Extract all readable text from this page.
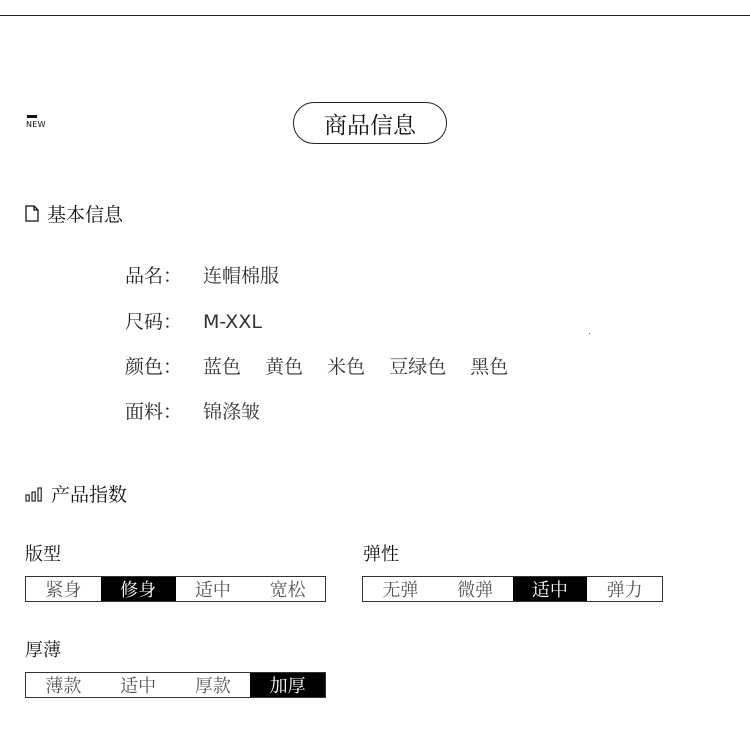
NEW	商品信息
基本信息
品名：	连帽棉服
尺码：	M-XXL
颜色：	蓝色 黄色 米色 豆绿色 黑色
面料：	锦涤皱
产品指数
版型
紧身	修身	适中	宽松
弹性
无弹	微弹	适中	弹力
厚薄
薄款	适中	厚款	加厚
